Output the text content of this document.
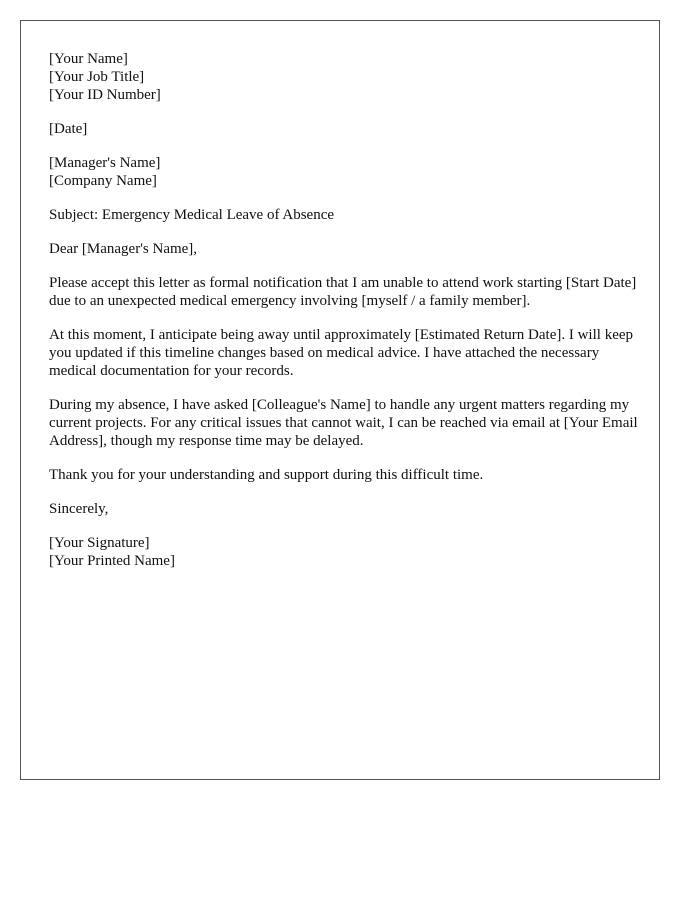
[Your Name]
[Your Job Title]
[Your ID Number]
[Date]
[Manager's Name]
[Company Name]
Subject: Emergency Medical Leave of Absence
Dear [Manager's Name],

Please accept this letter as formal notification that I am unable to attend work starting [Start Date] due to an unexpected medical emergency involving [myself / a family member].

At this moment, I anticipate being away until approximately [Estimated Return Date]. I will keep you updated if this timeline changes based on medical advice. I have attached the necessary medical documentation for your records.

During my absence, I have asked [Colleague's Name] to handle any urgent matters regarding my current projects. For any critical issues that cannot wait, I can be reached via email at [Your Email Address], though my response time may be delayed.

Thank you for your understanding and support during this difficult time.

Sincerely,
[Your Signature]
[Your Printed Name]
